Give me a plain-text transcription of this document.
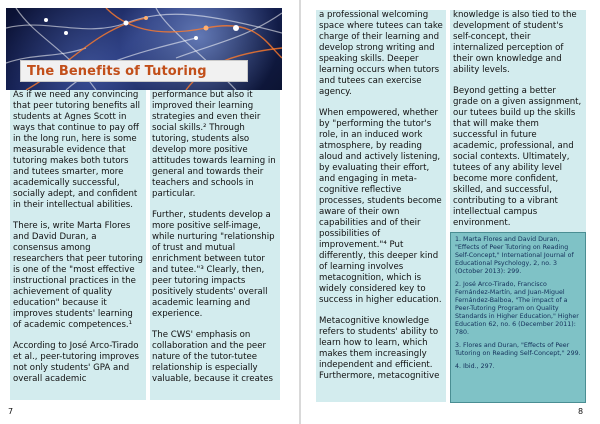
The Benefits of Tutoring

As if we need any convincing that peer tutoring benefits all students at Agnes Scott in ways that continue to pay off in the long run, here is some measurable evidence that tutoring makes both tutors and tutees smarter, more academically successful, socially adept, and confident in their intellectual abilities.

There is, write Marta Flores and David Duran, a consensus among researchers that peer tutoring is one of the "most effective instructional practices in the achievement of quality education" because it improves students' learning of academic competences.¹

According to José Arco-Tirado et al., peer-tutoring improves not only students' GPA and overall academic

performance but also it improved their learning strategies and even their social skills.² Through tutoring, students also develop more positive attitudes towards learning in general and towards their teachers and schools in particular.

Further, students develop a more positive self-image, while nurturing "relationship of trust and mutual enrichment between tutor and tutee."³ Clearly, then, peer tutoring impacts positively students' overall academic learning and experience.

The CWS' emphasis on collaboration and the peer nature of the tutor-tutee relationship is especially valuable, because it creates

7

a professional welcoming space where tutees can take charge of their learning and develop strong writing and speaking skills. Deeper learning occurs when tutors and tutees can exercise agency.

When empowered, whether by "performing the tutor's role, in an induced work atmosphere, by reading aloud and actively listening, by evaluating their effort, and engaging in meta-cognitive reflective processes, students become aware of their own capabilities and of their possibilities of improvement."⁴ Put differently, this deeper kind of learning involves metacognition, which is widely considered key to success in higher education.

Metacognitive knowledge refers to students' ability to learn how to learn, which makes them increasingly independent and efficient. Furthermore, metacognitive

knowledge is also tied to the development of student's self-concept, their internalized perception of their own knowledge and ability levels.

Beyond getting a better grade on a given assignment, our tutees build up the skills that will make them successful in future academic, professional, and social contexts. Ultimately, tutees of any ability level become more confident, skilled, and successful, contributing to a vibrant intellectual campus environment.

1. Marta Flores and David Duran, "Effects of Peer Tutoring on Reading Self-Concept," International Journal of Educational Psychology, 2, no. 3 (October 2013): 299.

2. José Arco-Tirado, Francisco Fernández-Martín, and Juan-Miguel Fernández-Balboa, "The impact of a Peer-Tutoring Program on Quality Standards in Higher Education," Higher Education 62, no. 6 (December 2011): 780.

3. Flores and Duran, "Effects of Peer Tutoring on Reading Self-Concept," 299.

4. Ibid., 297.

8
